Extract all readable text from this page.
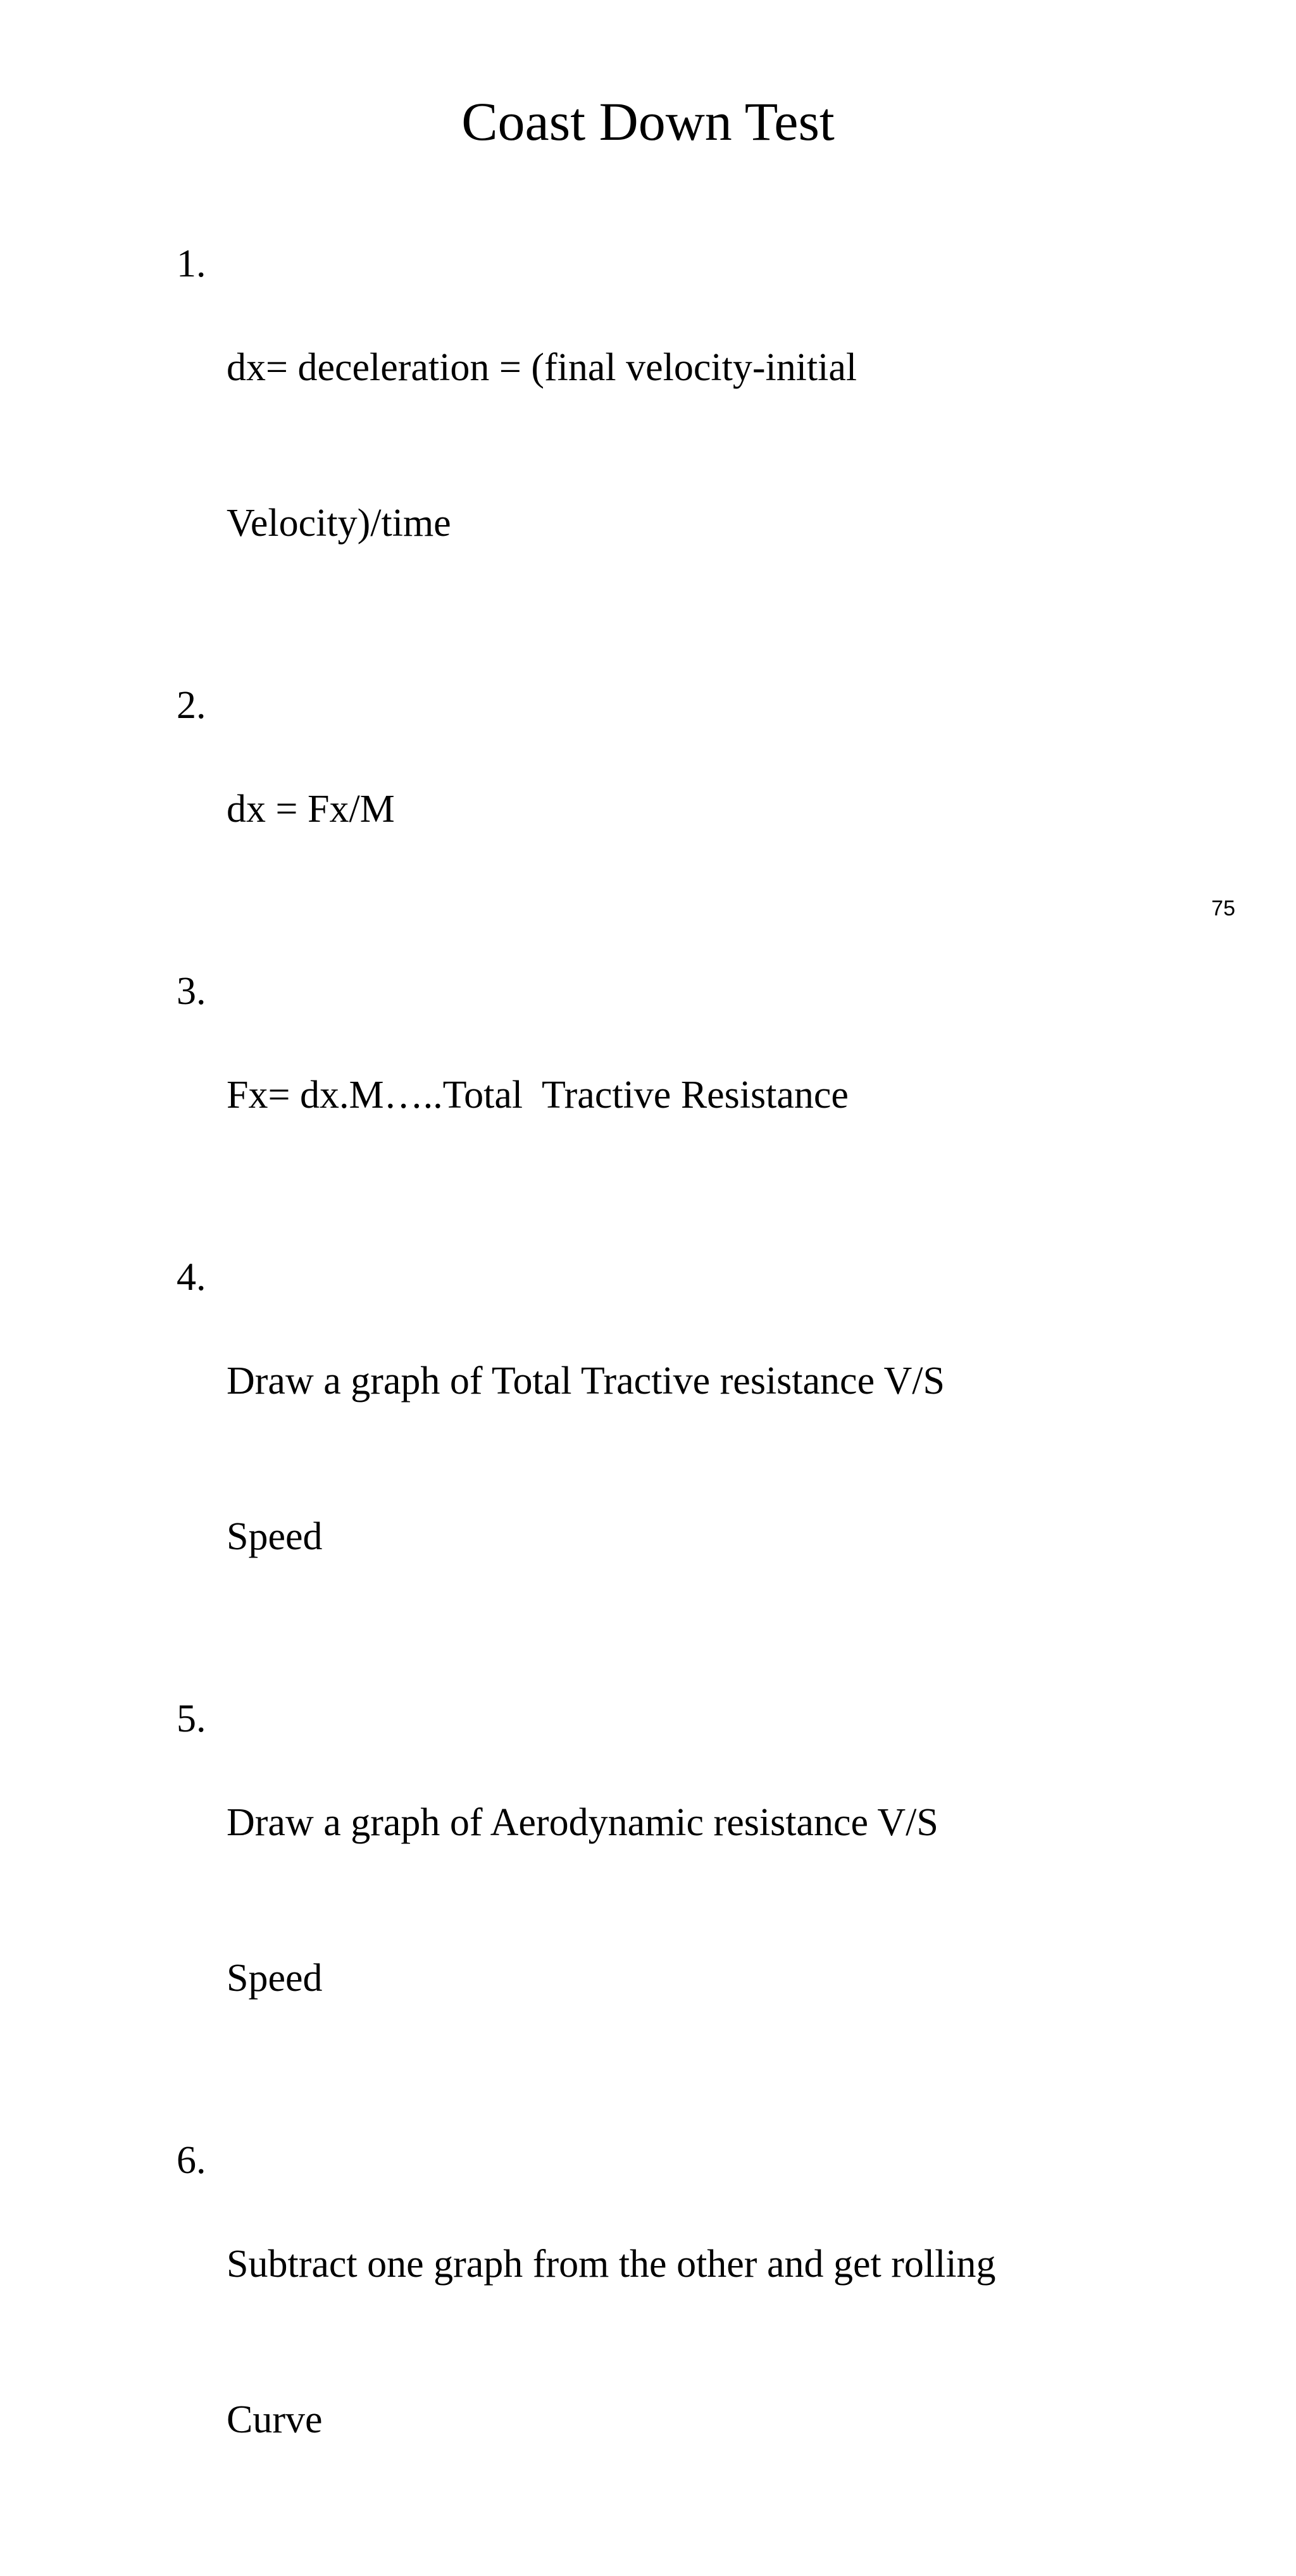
Coast Down Test
1.

dx= deceleration = (final velocity-initial

Velocity)/time

2.

dx = Fx/M

3.

Fx= dx.M…..Total  Tractive Resistance

4.

Draw a graph of Total Tractive resistance V/S

Speed

5.

Draw a graph of Aerodynamic resistance V/S

Speed

6.

Subtract one graph from the other and get rolling

Curve

75
